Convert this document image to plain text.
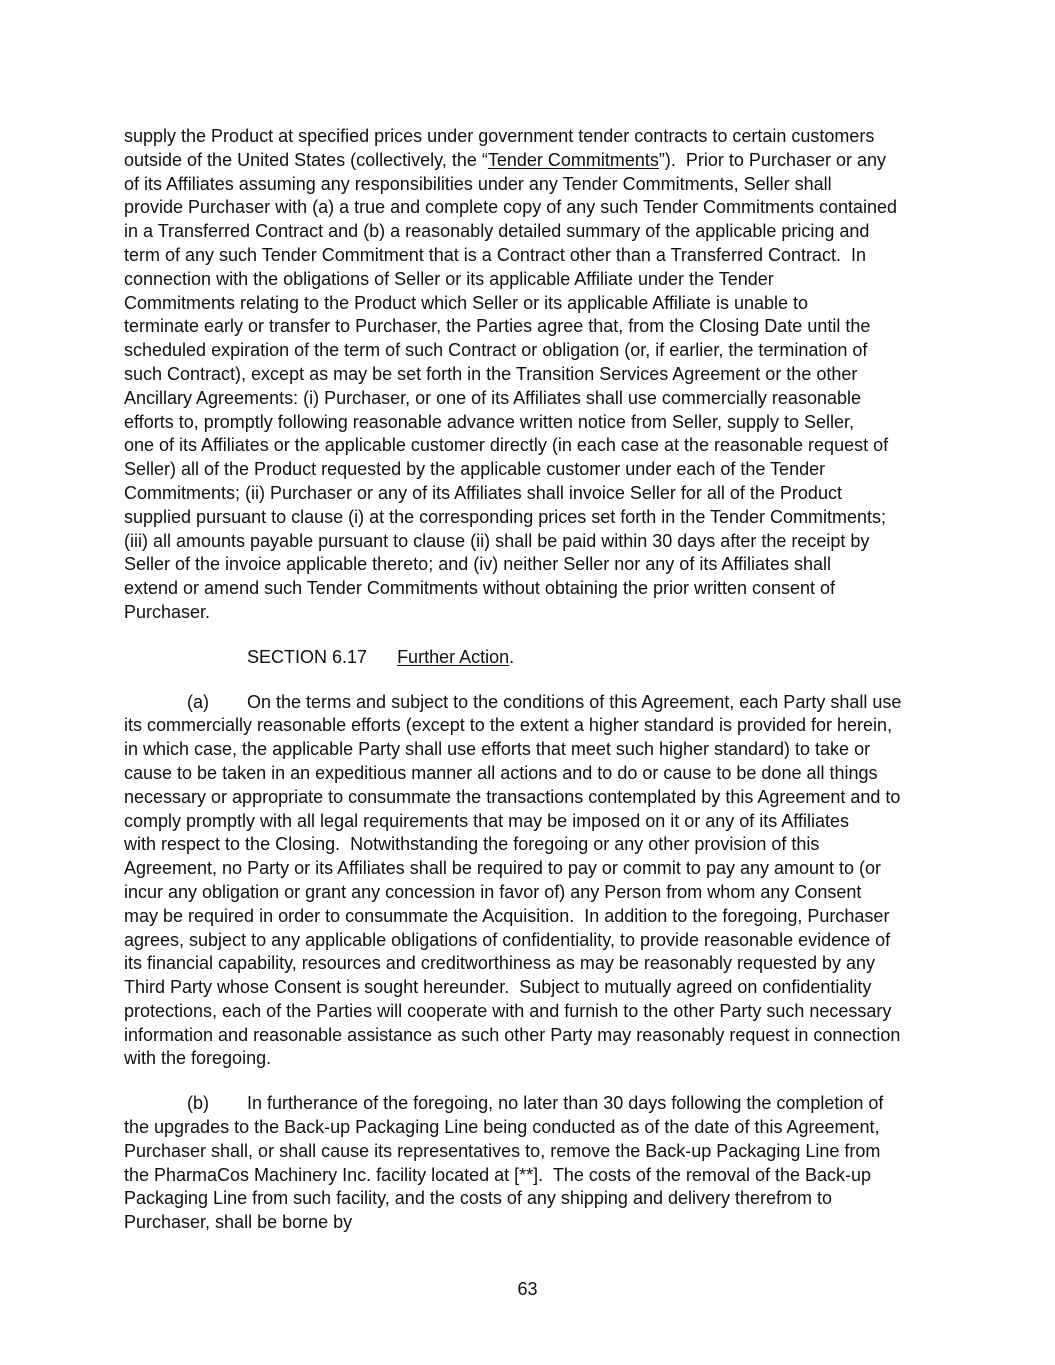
supply the Product at specified prices under government tender contracts to certain customers
outside of the United States (collectively, the “Tender Commitments”).  Prior to Purchaser or any
of its Affiliates assuming any responsibilities under any Tender Commitments, Seller shall
provide Purchaser with (a) a true and complete copy of any such Tender Commitments contained
in a Transferred Contract and (b) a reasonably detailed summary of the applicable pricing and
term of any such Tender Commitment that is a Contract other than a Transferred Contract.  In
connection with the obligations of Seller or its applicable Affiliate under the Tender
Commitments relating to the Product which Seller or its applicable Affiliate is unable to
terminate early or transfer to Purchaser, the Parties agree that, from the Closing Date until the
scheduled expiration of the term of such Contract or obligation (or, if earlier, the termination of
such Contract), except as may be set forth in the Transition Services Agreement or the other
Ancillary Agreements: (i) Purchaser, or one of its Affiliates shall use commercially reasonable
efforts to, promptly following reasonable advance written notice from Seller, supply to Seller,
one of its Affiliates or the applicable customer directly (in each case at the reasonable request of
Seller) all of the Product requested by the applicable customer under each of the Tender
Commitments; (ii) Purchaser or any of its Affiliates shall invoice Seller for all of the Product
supplied pursuant to clause (i) at the corresponding prices set forth in the Tender Commitments;
(iii) all amounts payable pursuant to clause (ii) shall be paid within 30 days after the receipt by
Seller of the invoice applicable thereto; and (iv) neither Seller nor any of its Affiliates shall
extend or amend such Tender Commitments without obtaining the prior written consent of
Purchaser.
SECTION 6.17 Further Action.
(a) On the terms and subject to the conditions of this Agreement, each Party shall use
its commercially reasonable efforts (except to the extent a higher standard is provided for herein,
in which case, the applicable Party shall use efforts that meet such higher standard) to take or
cause to be taken in an expeditious manner all actions and to do or cause to be done all things
necessary or appropriate to consummate the transactions contemplated by this Agreement and to
comply promptly with all legal requirements that may be imposed on it or any of its Affiliates
with respect to the Closing.  Notwithstanding the foregoing or any other provision of this
Agreement, no Party or its Affiliates shall be required to pay or commit to pay any amount to (or
incur any obligation or grant any concession in favor of) any Person from whom any Consent
may be required in order to consummate the Acquisition.  In addition to the foregoing, Purchaser
agrees, subject to any applicable obligations of confidentiality, to provide reasonable evidence of
its financial capability, resources and creditworthiness as may be reasonably requested by any
Third Party whose Consent is sought hereunder.  Subject to mutually agreed on confidentiality
protections, each of the Parties will cooperate with and furnish to the other Party such necessary
information and reasonable assistance as such other Party may reasonably request in connection
with the foregoing.
(b) In furtherance of the foregoing, no later than 30 days following the completion of
the upgrades to the Back-up Packaging Line being conducted as of the date of this Agreement,
Purchaser shall, or shall cause its representatives to, remove the Back-up Packaging Line from
the PharmaCos Machinery Inc. facility located at [**].  The costs of the removal of the Back-up
Packaging Line from such facility, and the costs of any shipping and delivery therefrom to
Purchaser, shall be borne by
63
